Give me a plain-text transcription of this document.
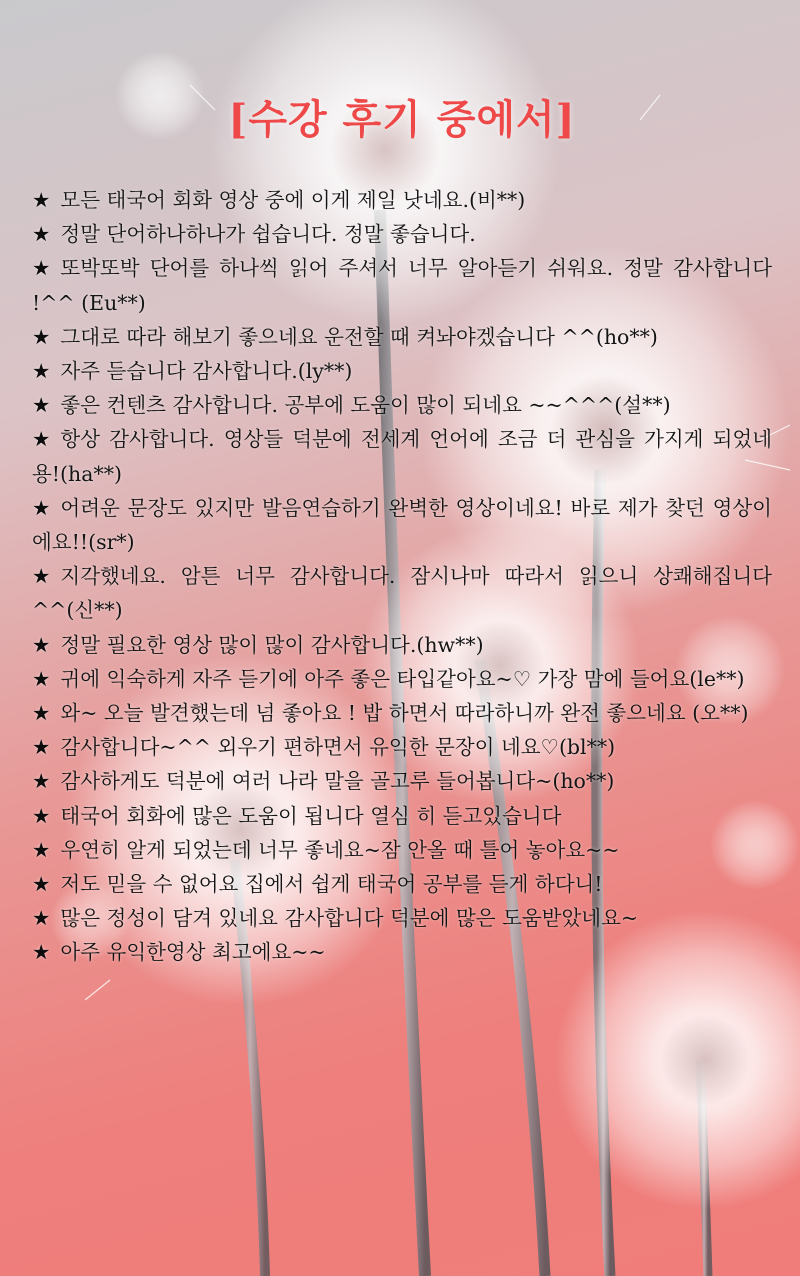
[수강 후기 중에서]
★ 모든 태국어 회화 영상 중에 이게 제일 낫네요.(비**)
★ 정말 단어하나하나가 쉽습니다. 정말 좋습니다.
★ 또박또박 단어를 하나씩 읽어 주셔서 너무 알아듣기 쉬워요. 정말 감사합니다 !^^ (Eu**)
★ 그대로 따라 해보기 좋으네요 운전할 때 켜놔야겠습니다 ^^(ho**)
★ 자주 듣습니다 감사합니다.(ly**)
★ 좋은 컨텐츠 감사합니다. 공부에 도움이 많이 되네요 ~~^^^(설**)
★ 항상 감사합니다. 영상들 덕분에 전세계 언어에 조금 더 관심을 가지게 되었네용!(ha**)
★ 어려운 문장도 있지만 발음연습하기 완벽한 영상이네요! 바로 제가 찾던 영상이에요!!(sr*)
★ 지각했네요. 암튼 너무 감사합니다. 잠시나마 따라서 읽으니 상쾌해집니다^^(신**)
★ 정말 필요한 영상 많이 많이 감사합니다.(hw**)
★ 귀에 익숙하게 자주 듣기에 아주 좋은 타입같아요~♡ 가장 맘에 들어요(le**)
★ 와~ 오늘 발견했는데 넘 좋아요 ! 밥 하면서 따라하니까 완전 좋으네요 (오**)
★ 감사합니다~^^ 외우기 편하면서 유익한 문장이 네요♡(bl**)
★ 감사하게도 덕분에 여러 나라 말을 골고루 들어봅니다~(ho**)
★ 태국어 회화에 많은 도움이 됩니다 열심 히 듣고있습니다
★ 우연히 알게 되었는데 너무 좋네요~잠 안올 때 틀어 놓아요~~
★ 저도 믿을 수 없어요 집에서 쉽게 태국어 공부를 듣게 하다니!
★ 많은 정성이 담겨 있네요 감사합니다 덕분에 많은 도움받았네요~
★ 아주 유익한영상 최고에요~~
